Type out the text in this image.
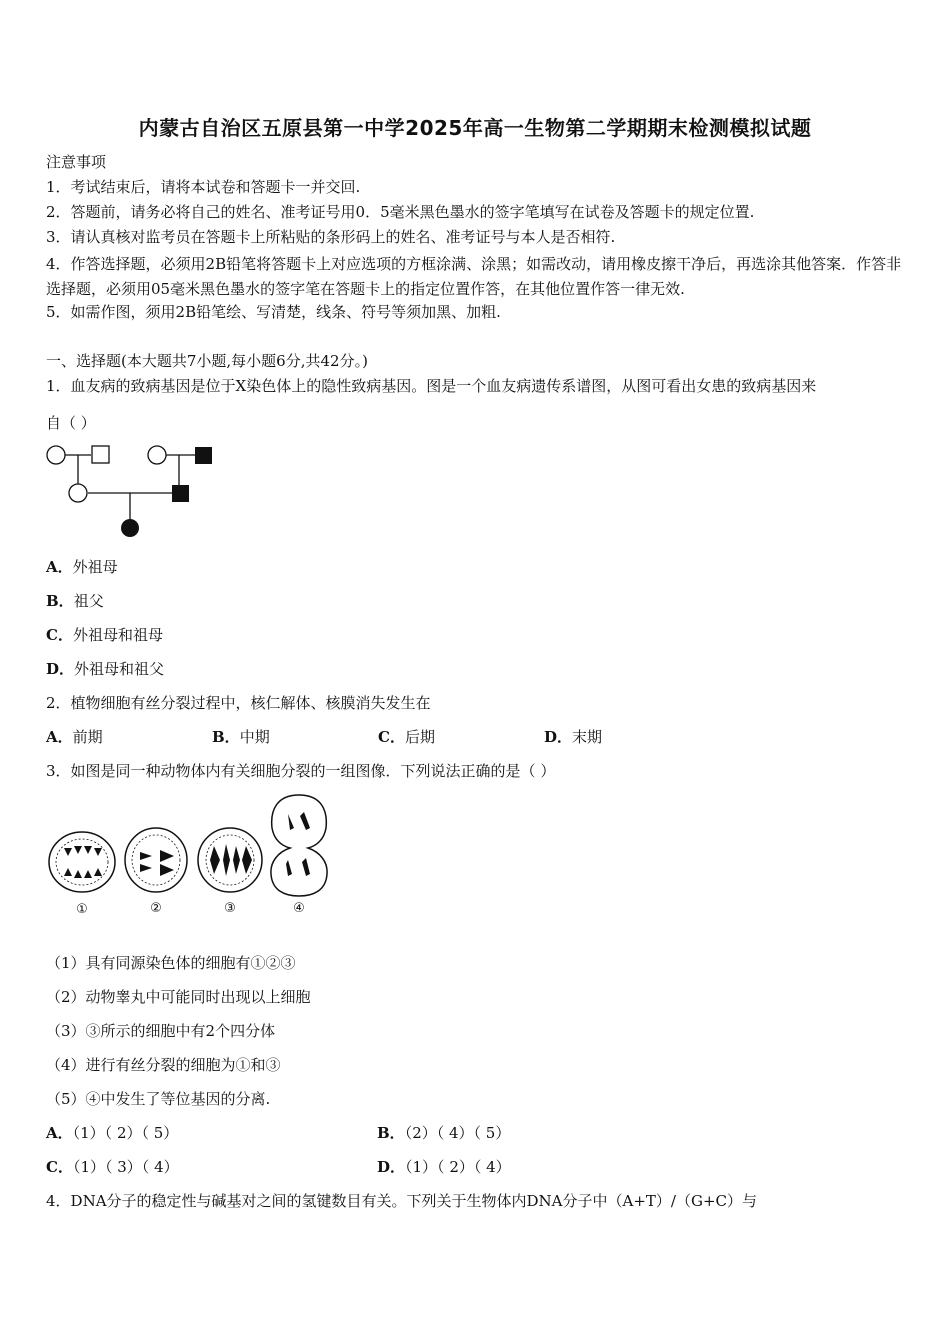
内蒙古自治区五原县第一中学2025年高一生物第二学期期末检测模拟试题
注意事项
1．考试结束后，请将本试卷和答题卡一并交回.
2．答题前，请务必将自己的姓名、准考证号用0．5毫米黑色墨水的签字笔填写在试卷及答题卡的规定位置.
3．请认真核对监考员在答题卡上所粘贴的条形码上的姓名、准考证号与本人是否相符.
4．作答选择题，必须用2B铅笔将答题卡上对应选项的方框涂满、涂黑；如需改动，请用橡皮擦干净后，再选涂其他答案．作答非选择题，必须用05毫米黑色墨水的签字笔在答题卡上的指定位置作答，在其他位置作答一律无效.
5．如需作图，须用2B铅笔绘、写清楚，线条、符号等须加黑、加粗.
一、选择题(本大题共7小题,每小题6分,共42分。)
1．血友病的致病基因是位于X染色体上的隐性致病基因。图是一个血友病遗传系谱图，从图可看出女患的致病基因来
自（ ）
A．外祖母
B．祖父
C．外祖母和祖母
D．外祖母和祖父
2．植物细胞有丝分裂过程中，核仁解体、核膜消失发生在
A．前期	B．中期	C．后期	D．末期
3．如图是同一种动物体内有关细胞分裂的一组图像．下列说法正确的是（ ）
①	②	③	④
（1）具有同源染色体的细胞有①②③
（2）动物睾丸中可能同时出现以上细胞
（3）③所示的细胞中有2个四分体
（4）进行有丝分裂的细胞为①和③
（5）④中发生了等位基因的分离.
A．（1）（ 2）（ 5）	B．（2）（ 4）（ 5）
C．（1）（ 3）（ 4）	D．（1）（ 2）（ 4）
4．DNA分子的稳定性与碱基对之间的氢键数目有关。下列关于生物体内DNA分子中（A+T）/（G+C）与
